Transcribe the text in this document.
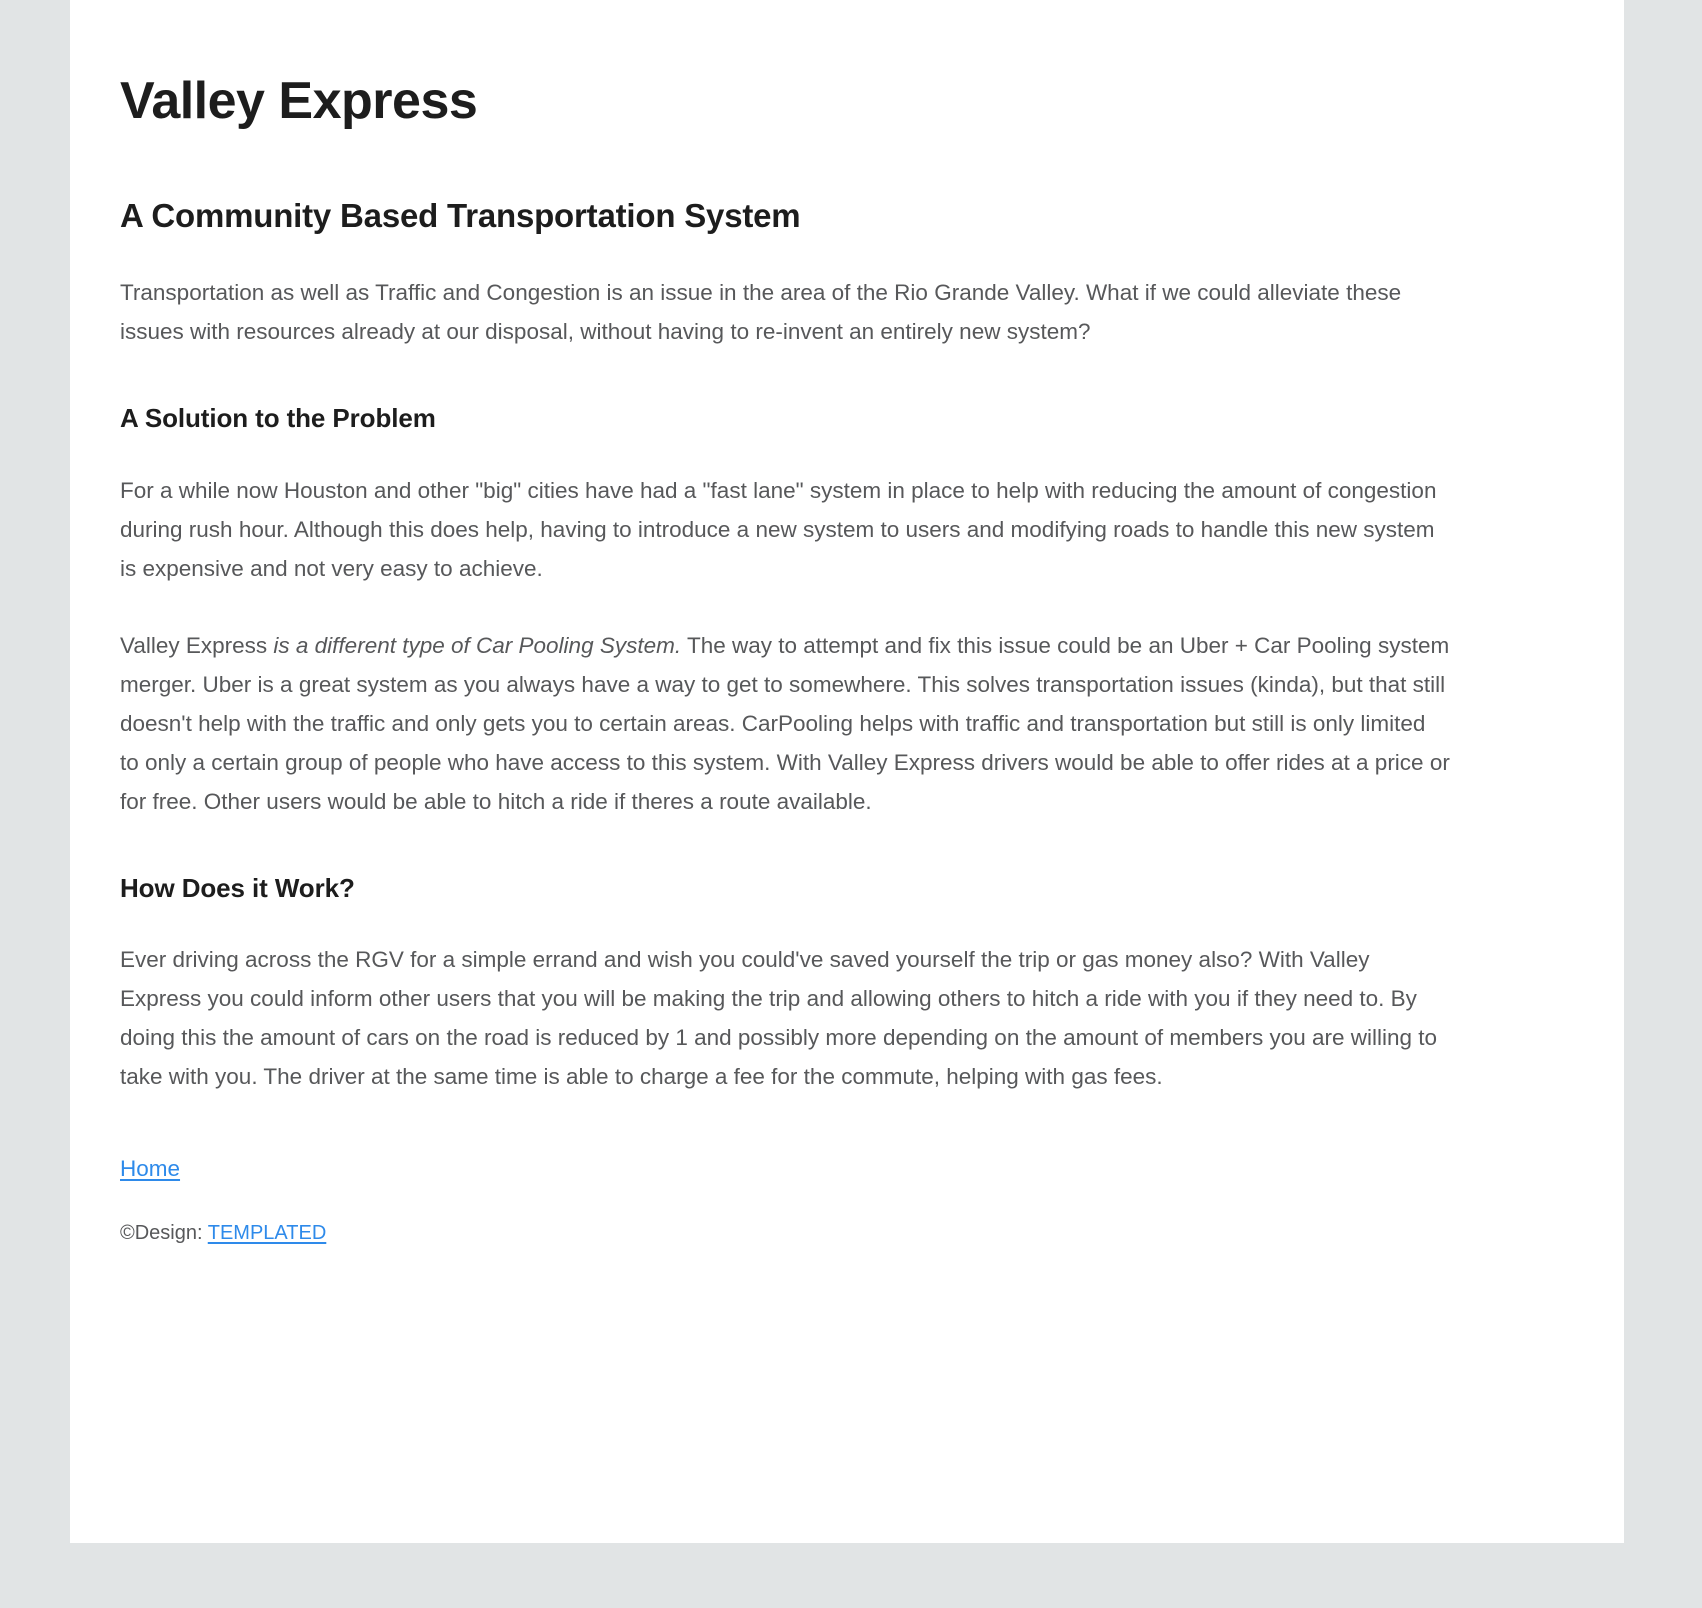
Valley Express
A Community Based Transportation System

Transportation as well as Traffic and Congestion is an issue in the area of the Rio Grande Valley. What if we could alleviate these issues with resources already at our disposal, without having to re-invent an entirely new system?

A Solution to the Problem

For a while now Houston and other "big" cities have had a "fast lane" system in place to help with reducing the amount of congestion during rush hour. Although this does help, having to introduce a new system to users and modifying roads to handle this new system is expensive and not very easy to achieve.

Valley Express is a different type of Car Pooling System. The way to attempt and fix this issue could be an Uber + Car Pooling system merger. Uber is a great system as you always have a way to get to somewhere. This solves transportation issues (kinda), but that still doesn't help with the traffic and only gets you to certain areas. CarPooling helps with traffic and transportation but still is only limited to only a certain group of people who have access to this system. With Valley Express drivers would be able to offer rides at a price or for free. Other users would be able to hitch a ride if theres a route available.

How Does it Work?

Ever driving across the RGV for a simple errand and wish you could've saved yourself the trip or gas money also? With Valley Express you could inform other users that you will be making the trip and allowing others to hitch a ride with you if they need to. By doing this the amount of cars on the road is reduced by 1 and possibly more depending on the amount of members you are willing to take with you. The driver at the same time is able to charge a fee for the commute, helping with gas fees.

Home

©Design: TEMPLATED
